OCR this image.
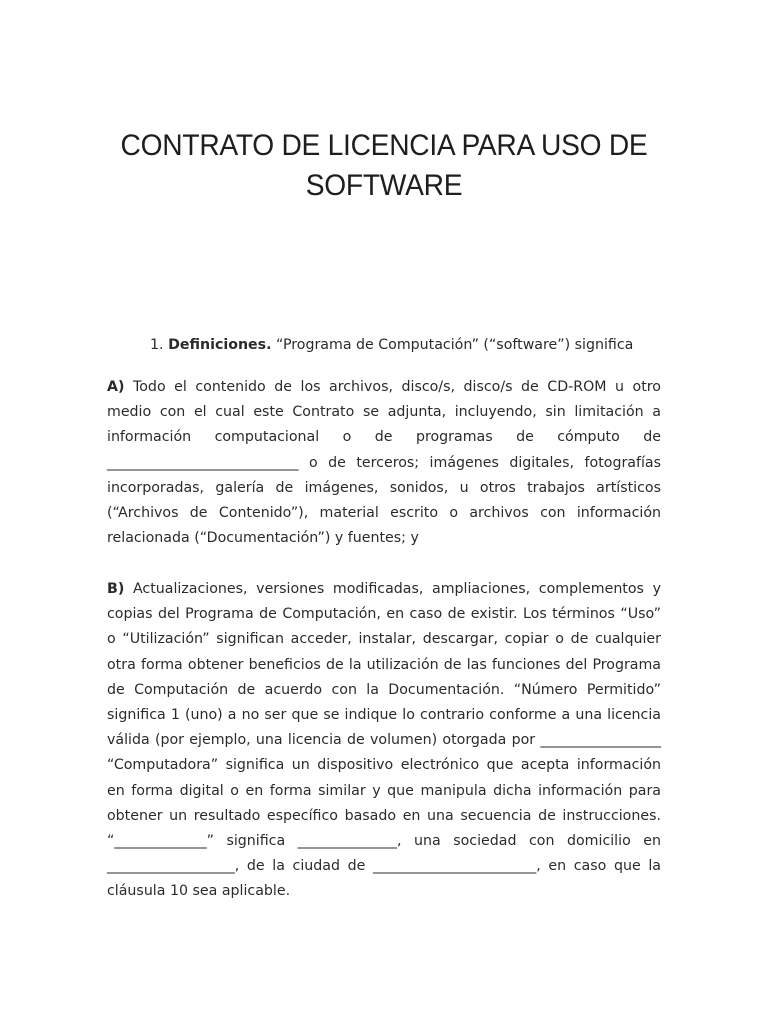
CONTRATO DE LICENCIA PARA USO DE SOFTWARE

1. Definiciones. “Programa de Computación” (“software”) significa

A) Todo el contenido de los archivos, disco/s, disco/s de CD-ROM u otro medio con el cual este Contrato se adjunta, incluyendo, sin limitación a información computacional o de programas de cómputo de ___________________________ o de terceros; imágenes digitales, fotografías incorporadas, galería de imágenes, sonidos, u otros trabajos artísticos (“Archivos de Contenido”), material escrito o archivos con información relacionada (“Documentación”) y fuentes; y

B) Actualizaciones, versiones modificadas, ampliaciones, complementos y copias del Programa de Computación, en caso de existir. Los términos “Uso” o “Utilización” significan acceder, instalar, descargar, copiar o de cualquier otra forma obtener beneficios de la utilización de las funciones del Programa de Computación de acuerdo con la Documentación. “Número Permitido” significa 1 (uno) a no ser que se indique lo contrario conforme a una licencia válida (por ejemplo, una licencia de volumen) otorgada por _________________ “Computadora” significa un dispositivo electrónico que acepta información en forma digital o en forma similar y que manipula dicha información para obtener un resultado específico basado en una secuencia de instrucciones. “_____________” significa ______________, una sociedad con domicilio en __________________, de la ciudad de _______________________, en caso que la cláusula 10 sea aplicable.
